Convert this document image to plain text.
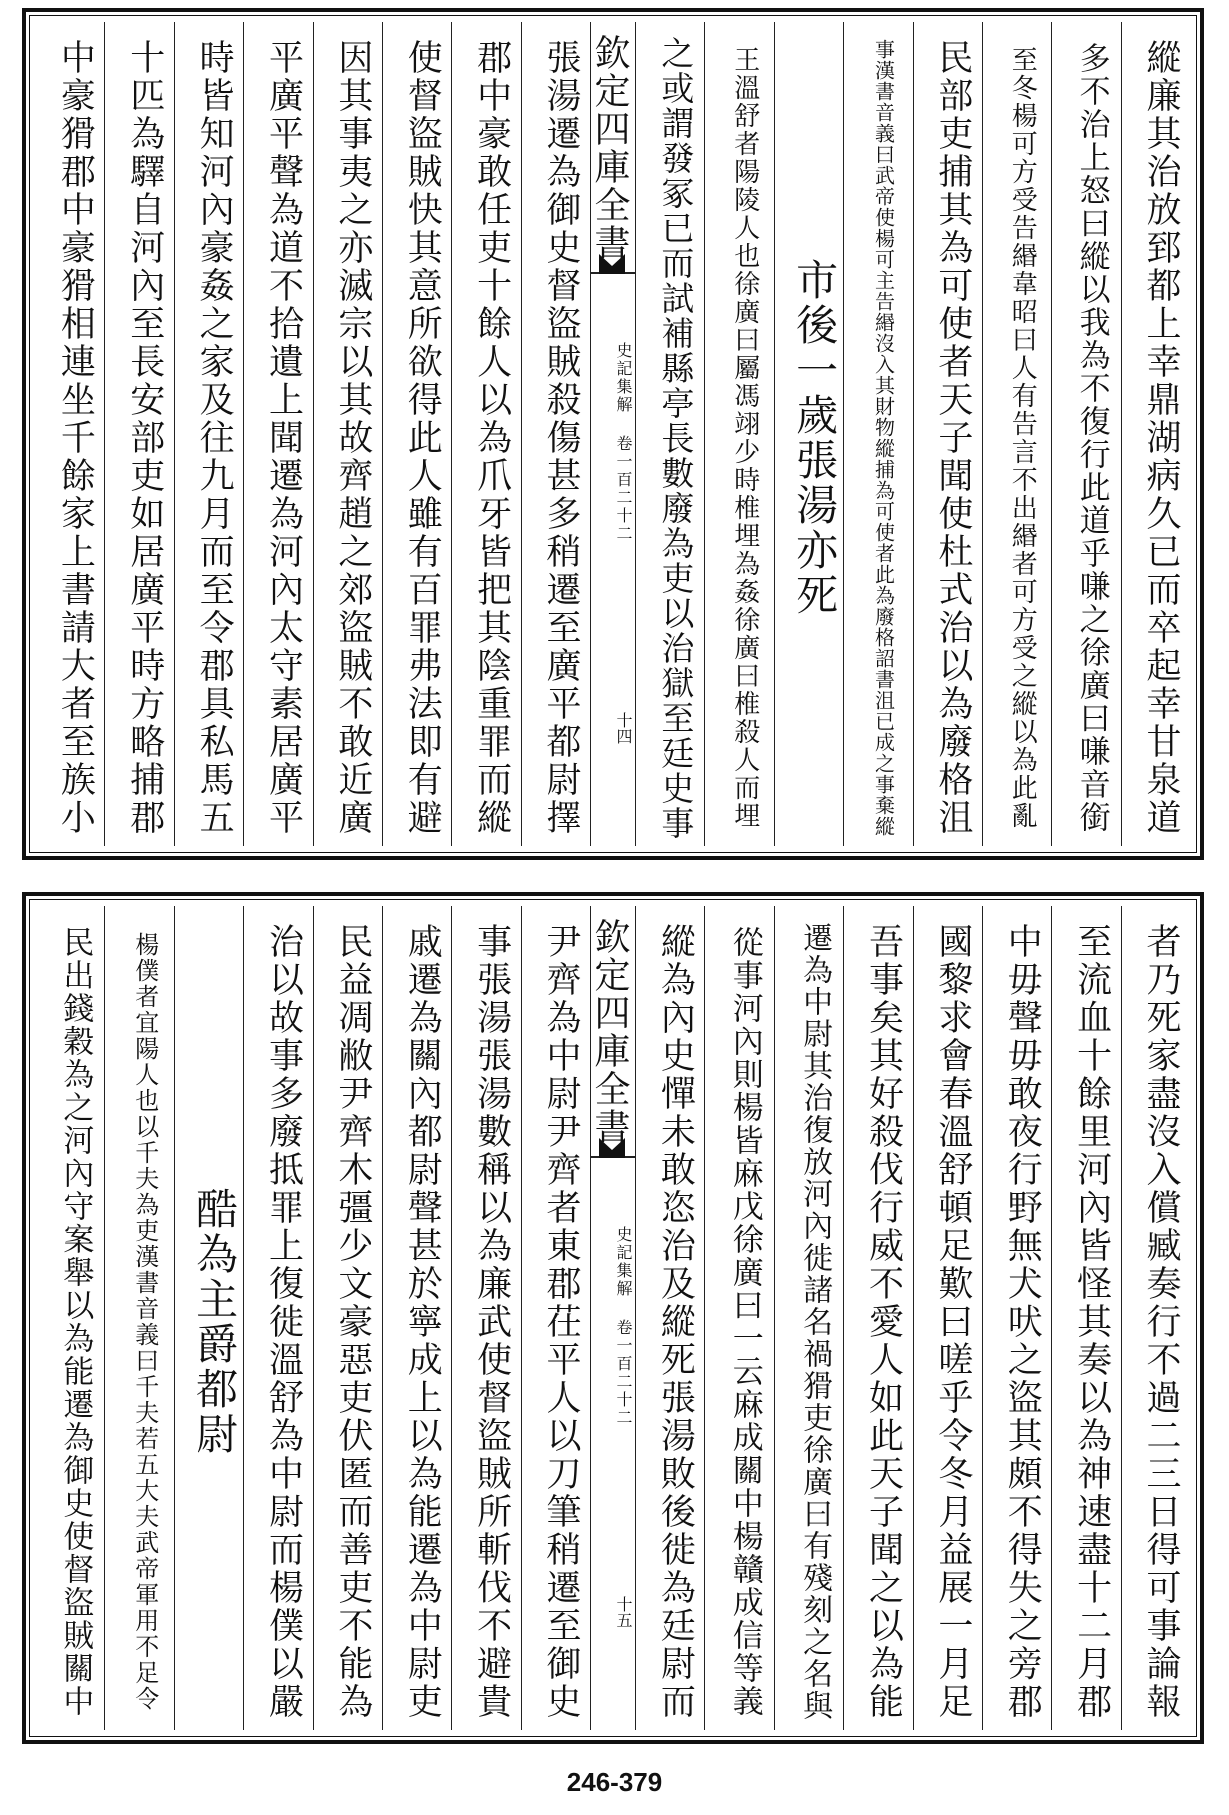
縱廉其治放郅都上幸鼎湖病久已而卒起幸甘泉道
多不治上怒曰縱以我為不復行此道乎嗛之徐廣曰嗛音銜
至冬楊可方受告緡韋昭曰人有告言不出緡者可方受之縱以為此亂
民部吏捕其為可使者天子聞使杜式治以為廢格沮
事漢書音義曰武帝使楊可主告緡沒入其財物縱捕為可使者此為廢格詔書沮已成之事棄縱
市後一歲張湯亦死
王溫舒者陽陵人也徐廣曰屬馮翊少時椎埋為姦徐廣曰椎殺人而埋
之或謂發冢已而試補縣亭長數廢為吏以治獄至廷史事
欽定四庫全書
史記集解 卷一百二十二
十四
張湯遷為御史督盜賊殺傷甚多稍遷至廣平都尉擇
郡中豪敢任吏十餘人以為爪牙皆把其陰重罪而縱
使督盜賊快其意所欲得此人雖有百罪弗法即有避
因其事夷之亦滅宗以其故齊趙之郊盜賊不敢近廣
平廣平聲為道不拾遺上聞遷為河內太守素居廣平
時皆知河內豪姦之家及往九月而至令郡具私馬五
十匹為驛自河內至長安部吏如居廣平時方略捕郡
中豪猾郡中豪猾相連坐千餘家上書請大者至族小
者乃死家盡沒入償臧奏行不過二三日得可事論報
至流血十餘里河內皆怪其奏以為神速盡十二月郡
中毋聲毋敢夜行野無犬吠之盜其頗不得失之旁郡
國黎求會春溫舒頓足歎曰嗟乎令冬月益展一月足
吾事矣其好殺伐行威不愛人如此天子聞之以為能
遷為中尉其治復放河內徙諸名禍猾吏徐廣曰有殘刻之名與
從事河內則楊皆麻戊徐廣曰一云麻成關中楊贛成信等義
縱為內史憚未敢恣治及縱死張湯敗後徙為廷尉而
欽定四庫全書
史記集解 卷一百二十二
十五
尹齊為中尉尹齊者東郡茌平人以刀筆稍遷至御史
事張湯張湯數稱以為廉武使督盜賊所斬伐不避貴
戚遷為關內都尉聲甚於寧成上以為能遷為中尉吏
民益凋敝尹齊木彊少文豪惡吏伏匿而善吏不能為
治以故事多廢抵罪上復徙溫舒為中尉而楊僕以嚴
酷為主爵都尉
楊僕者宜陽人也以千夫為吏漢書音義曰千夫若五大夫武帝軍用不足令
民出錢穀為之河內守案舉以為能遷為御史使督盜賊關中
246-379
